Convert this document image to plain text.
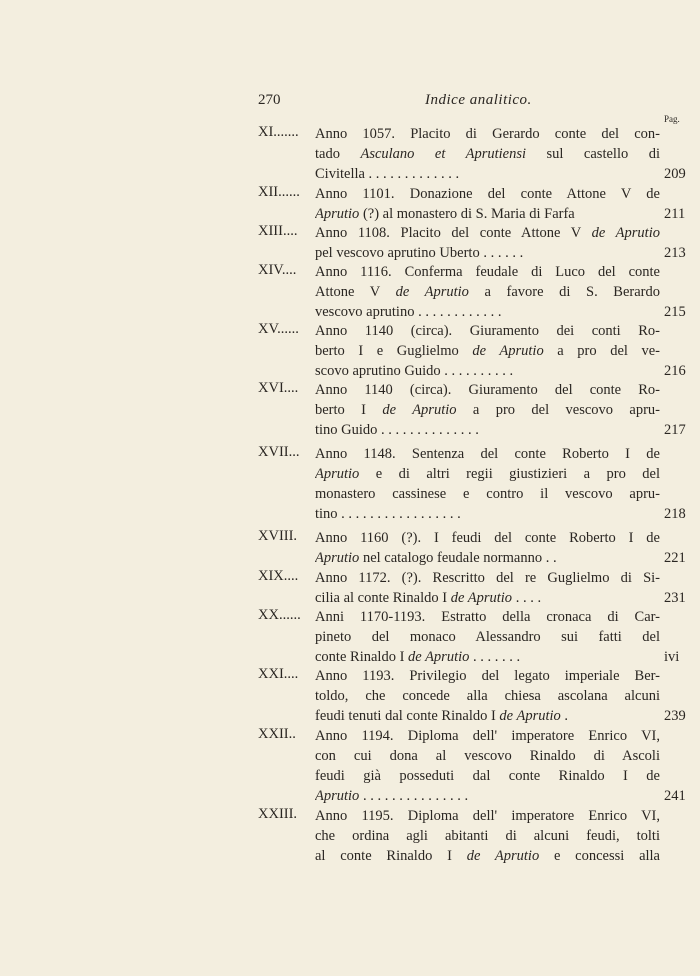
270	Indice analitico.
Pag.
XI....... Anno 1057. Placito di Gerardo conte del con-
tado Asculano et Aprutiensi sul castello di
Civitella . . . . . . . . . . . . .	209
XII...... Anno 1101. Donazione del conte Attone V de
Aprutio (?) al monastero di S. Maria di Farfa	211
XIII.... Anno 1108. Placito del conte Attone V de Aprutio
pel vescovo aprutino Uberto . . . . . .	213
XIV.... Anno 1116. Conferma feudale di Luco del conte
Attone V de Aprutio a favore di S. Berardo
vescovo aprutino . . . . . . . . . . . .	215
XV...... Anno 1140 (circa). Giuramento dei conti Ro-
berto I e Guglielmo de Aprutio a pro del ve-
scovo aprutino Guido . . . . . . . . . .	216
XVI.... Anno 1140 (circa). Giuramento del conte Ro-
berto I de Aprutio a pro del vescovo apru-
tino Guido . . . . . . . . . . . . . .	217
XVII... Anno 1148. Sentenza del conte Roberto I de
Aprutio e di altri regii giustizieri a pro del
monastero cassinese e contro il vescovo apru-
tino . . . . . . . . . . . . . . . . .	218
XVIII. Anno 1160 (?). I feudi del conte Roberto I de
Aprutio nel catalogo feudale normanno . .	221
XIX.... Anno 1172. (?). Rescritto del re Guglielmo di Si-
cilia al conte Rinaldo I de Aprutio . . . .	231
XX...... Anni 1170-1193. Estratto della cronaca di Car-
pineto del monaco Alessandro sui fatti del
conte Rinaldo I de Aprutio . . . . . . .	ivi
XXI.... Anno 1193. Privilegio del legato imperiale Ber-
toldo, che concede alla chiesa ascolana alcuni
feudi tenuti dal conte Rinaldo I de Aprutio .	239
XXII.. Anno 1194. Diploma dell' imperatore Enrico VI,
con cui dona al vescovo Rinaldo di Ascoli
feudi già posseduti dal conte Rinaldo I de
Aprutio . . . . . . . . . . . . . . .	241
XXIII. Anno 1195. Diploma dell' imperatore Enrico VI,
che ordina agli abitanti di alcuni feudi, tolti
al conte Rinaldo I de Aprutio e concessi alla
